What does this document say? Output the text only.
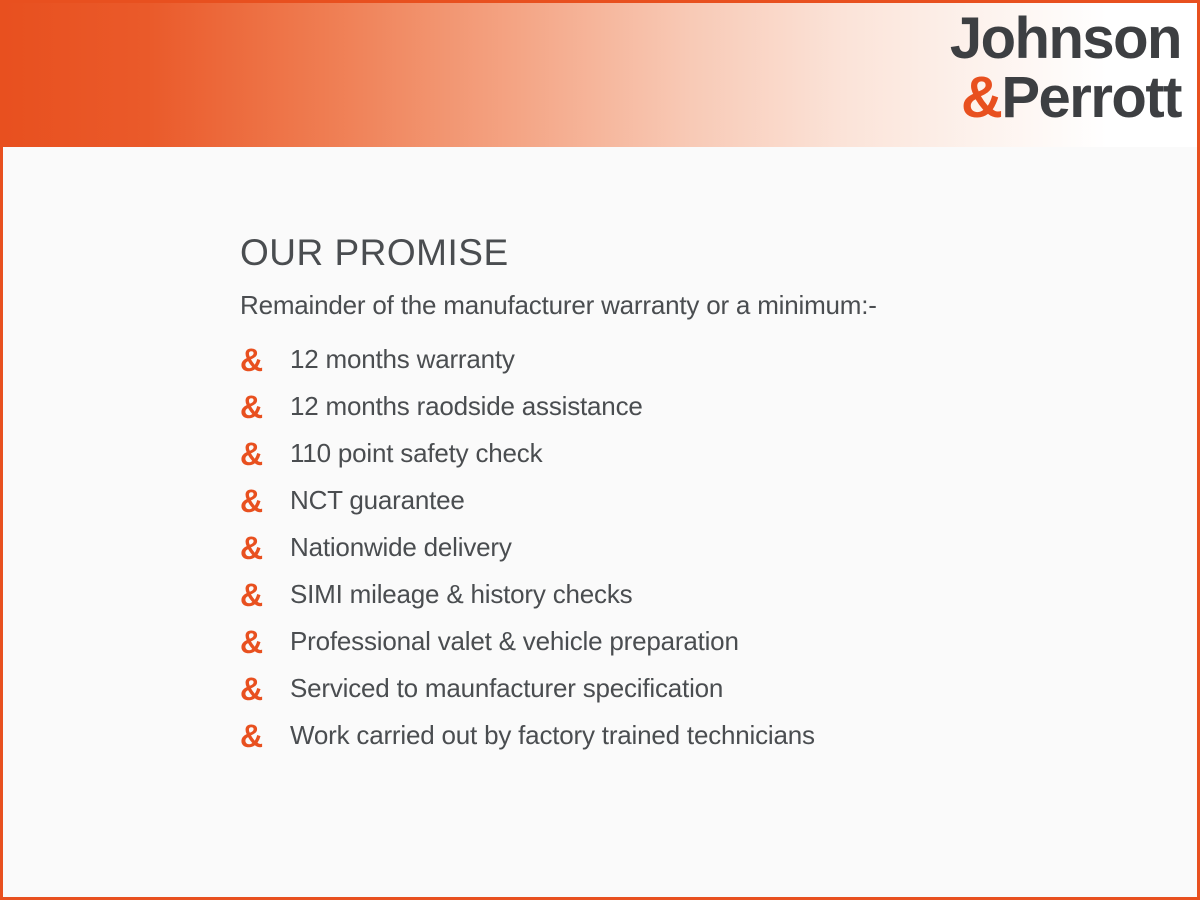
Johnson
&Perrott
OUR PROMISE

Remainder of the manufacturer warranty or a minimum:-

&	12 months warranty
&	12 months raodside assistance
&	110 point safety check
&	NCT guarantee
&	Nationwide delivery
&	SIMI mileage & history checks
&	Professional valet & vehicle preparation
&	Serviced to maunfacturer specification
&	Work carried out by factory trained technicians
